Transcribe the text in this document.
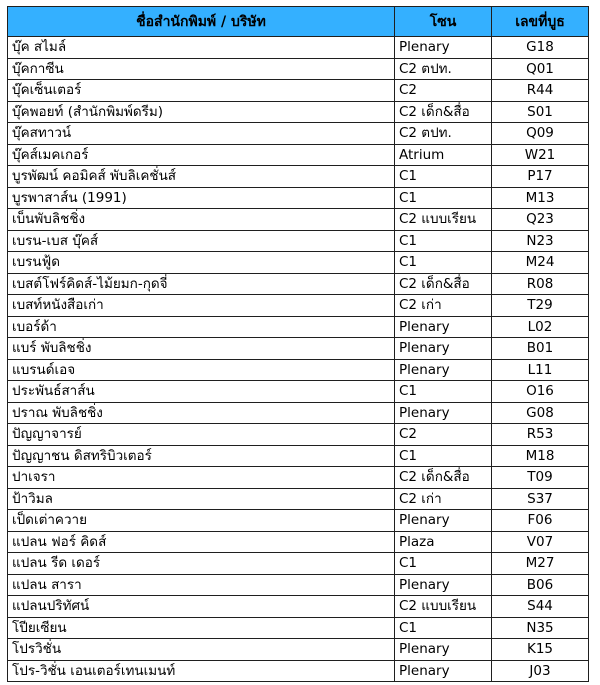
ชื่อสำนักพิมพ์ / บริษัท	โซน	เลขที่บูธ
บุ๊ค สไมล์	Plenary	G18
บุ๊คกาซีน	C2 ตปท.	Q01
บุ๊คเซ็นเตอร์	C2	R44
บุ๊คพอยท์ (สำนักพิมพ์ดรีม)	C2 เด็ก&สื่อ	S01
บุ๊คสทาวน์	C2 ตปท.	Q09
บุ๊คส์เมคเกอร์	Atrium	W21
บูรพัฒน์ คอมิคส์ พับลิเคชั่นส์	C1	P17
บูรพาสาส์น (1991)	C1	M13
เบ็นพับลิชชิ่ง	C2 แบบเรียน	Q23
เบรน-เบส บุ๊คส์	C1	N23
เบรนฟู้ด	C1	M24
เบสต์โฟร์คิดส์-ไม้ยมก-กุดจี่	C2 เด็ก&สื่อ	R08
เบสท์หนังสือเก่า	C2 เก่า	T29
เบอร์ด้า	Plenary	L02
แบร์ พับลิชชิ่ง	Plenary	B01
แบรนด์เอจ	Plenary	L11
ประพันธ์สาส์น	C1	O16
ปราณ พับลิชชิ่ง	Plenary	G08
ปัญญาจารย์	C2	R53
ปัญญาชน ดิสทริบิวเตอร์	C1	M18
ปาเจรา	C2 เด็ก&สื่อ	T09
ป้าวิมล	C2 เก่า	S37
เป็ดเต่าควาย	Plenary	F06
แปลน ฟอร์ คิดส์	Plaza	V07
แปลน รีด เดอร์	C1	M27
แปลน สารา	Plenary	B06
แปลนปริทัศน์	C2 แบบเรียน	S44
โปียเซียน	C1	N35
โปรวิชั่น	Plenary	K15
โปร-วิชั่น เอนเตอร์เทนเมนท์	Plenary	J03
